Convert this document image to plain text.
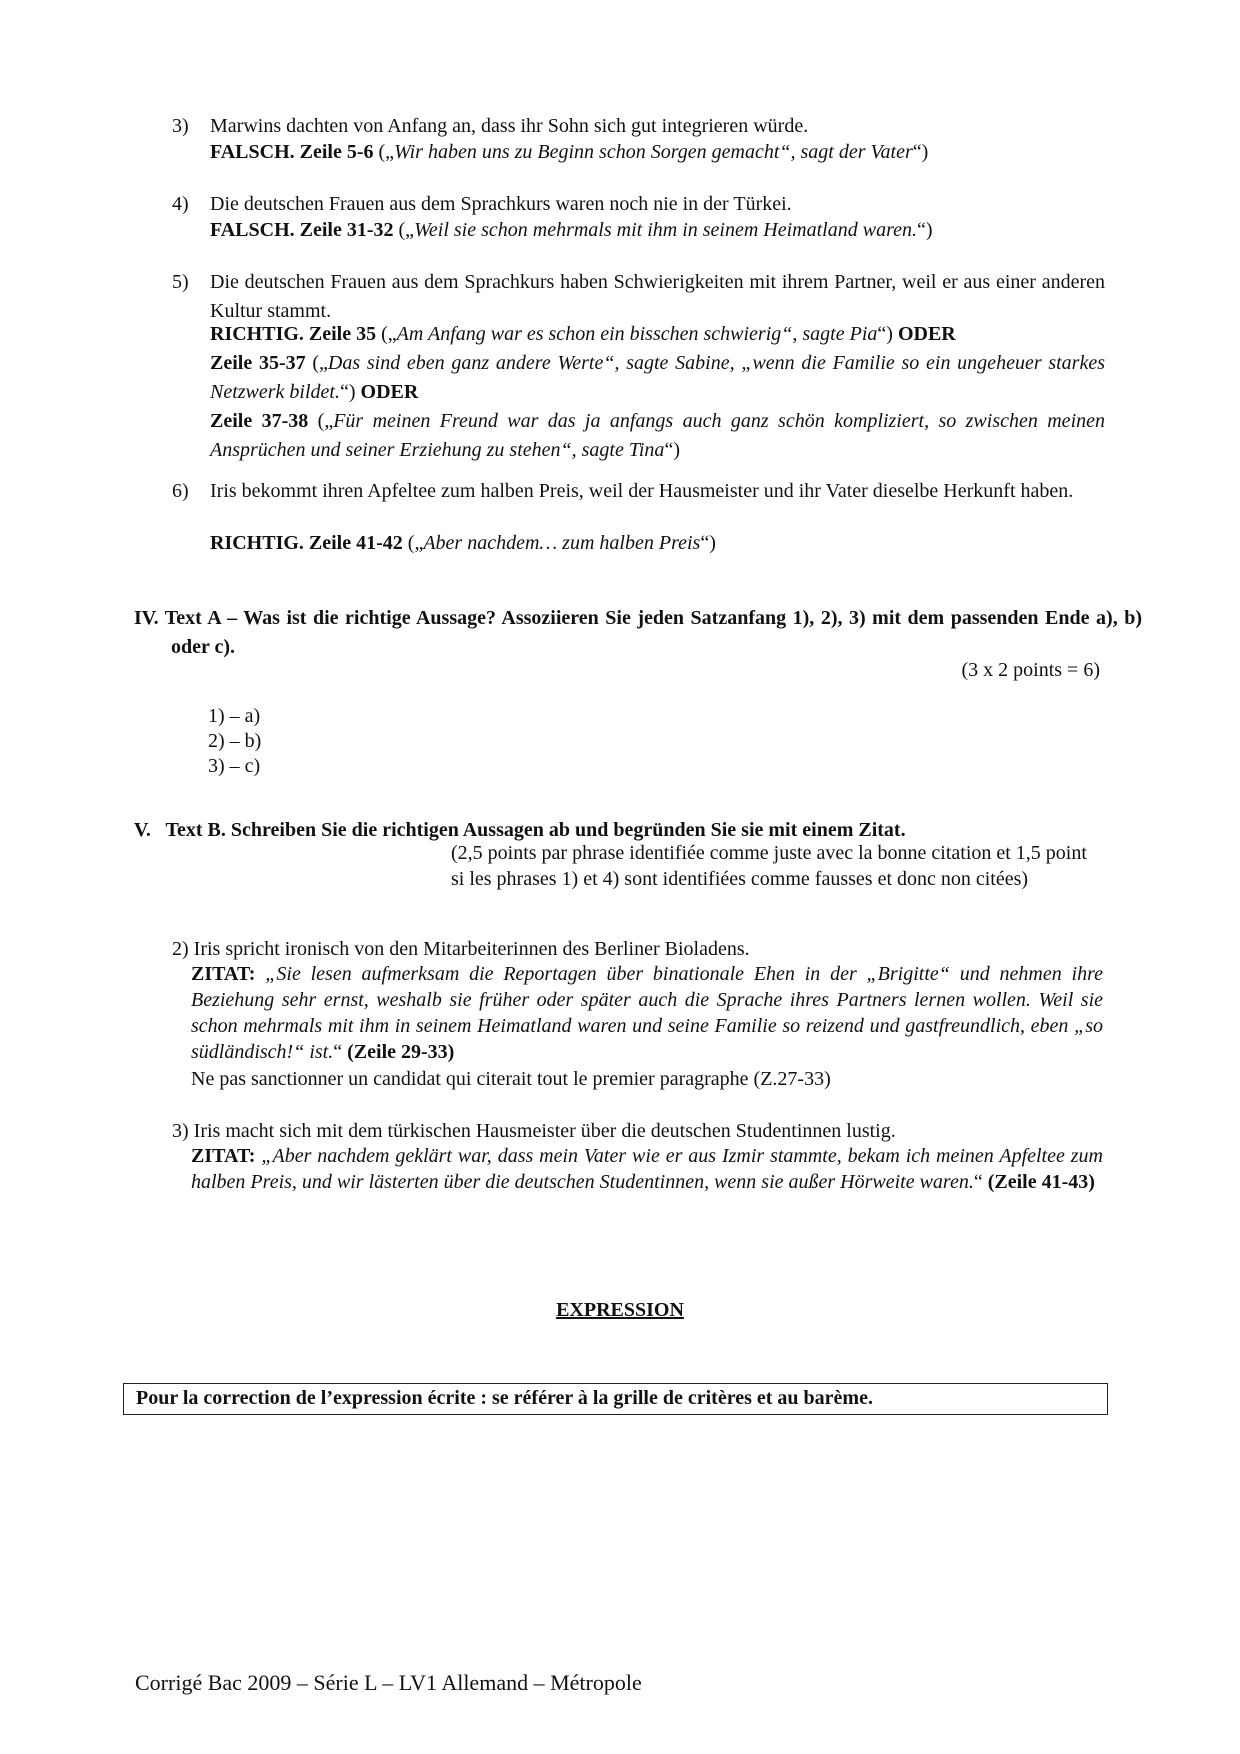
3) Marwins dachten von Anfang an, dass ihr Sohn sich gut integrieren würde.
FALSCH. Zeile 5-6 („Wir haben uns zu Beginn schon Sorgen gemacht“, sagt der Vater“)
4) Die deutschen Frauen aus dem Sprachkurs waren noch nie in der Türkei.
FALSCH. Zeile 31-32 („Weil sie schon mehrmals mit ihm in seinem Heimatland waren.“)
5) Die deutschen Frauen aus dem Sprachkurs haben Schwierigkeiten mit ihrem Partner, weil er aus einer anderen Kultur stammt.
RICHTIG. Zeile 35 („Am Anfang war es schon ein bisschen schwierig“, sagte Pia“) ODER
Zeile 35-37 („Das sind eben ganz andere Werte“, sagte Sabine, „wenn die Familie so ein ungeheuer starkes Netzwerk bildet.“) ODER
Zeile 37-38 („Für meinen Freund war das ja anfangs auch ganz schön kompliziert, so zwischen meinen Ansprüchen und seiner Erziehung zu stehen“, sagte Tina“)
6) Iris bekommt ihren Apfeltee zum halben Preis, weil der Hausmeister und ihr Vater dieselbe Herkunft haben.
RICHTIG. Zeile 41-42 („Aber nachdem… zum halben Preis“)
IV. Text A – Was ist die richtige Aussage? Assoziieren Sie jeden Satzanfang 1), 2), 3) mit dem passenden Ende a), b) oder c).
(3 x 2 points = 6)
1) – a)
2) – b)
3) – c)
V.   Text B. Schreiben Sie die richtigen Aussagen ab und begründen Sie sie mit einem Zitat.
(2,5 points par phrase identifiée comme juste avec la bonne citation et 1,5 point si les phrases 1) et 4) sont identifiées comme fausses et donc non citées)
2) Iris spricht ironisch von den Mitarbeiterinnen des Berliner Bioladens.
ZITAT: „Sie lesen aufmerksam die Reportagen über binationale Ehen in der „Brigitte“ und nehmen ihre Beziehung sehr ernst, weshalb sie früher oder später auch die Sprache ihres Partners lernen wollen. Weil sie schon mehrmals mit ihm in seinem Heimatland waren und seine Familie so reizend und gastfreundlich, eben „so südländisch!“ ist.“ (Zeile 29-33)
Ne pas sanctionner un candidat qui citerait tout le premier paragraphe (Z.27-33)
3) Iris macht sich mit dem türkischen Hausmeister über die deutschen Studentinnen lustig.
ZITAT: „Aber nachdem geklärt war, dass mein Vater wie er aus Izmir stammte, bekam ich meinen Apfeltee zum halben Preis, und wir lästerten über die deutschen Studentinnen, wenn sie außer Hörweite waren.“ (Zeile 41-43)
EXPRESSION
Pour la correction de l’expression écrite : se référer à la grille de critères et au barème.
Corrigé Bac 2009 – Série L – LV1 Allemand – Métropole
